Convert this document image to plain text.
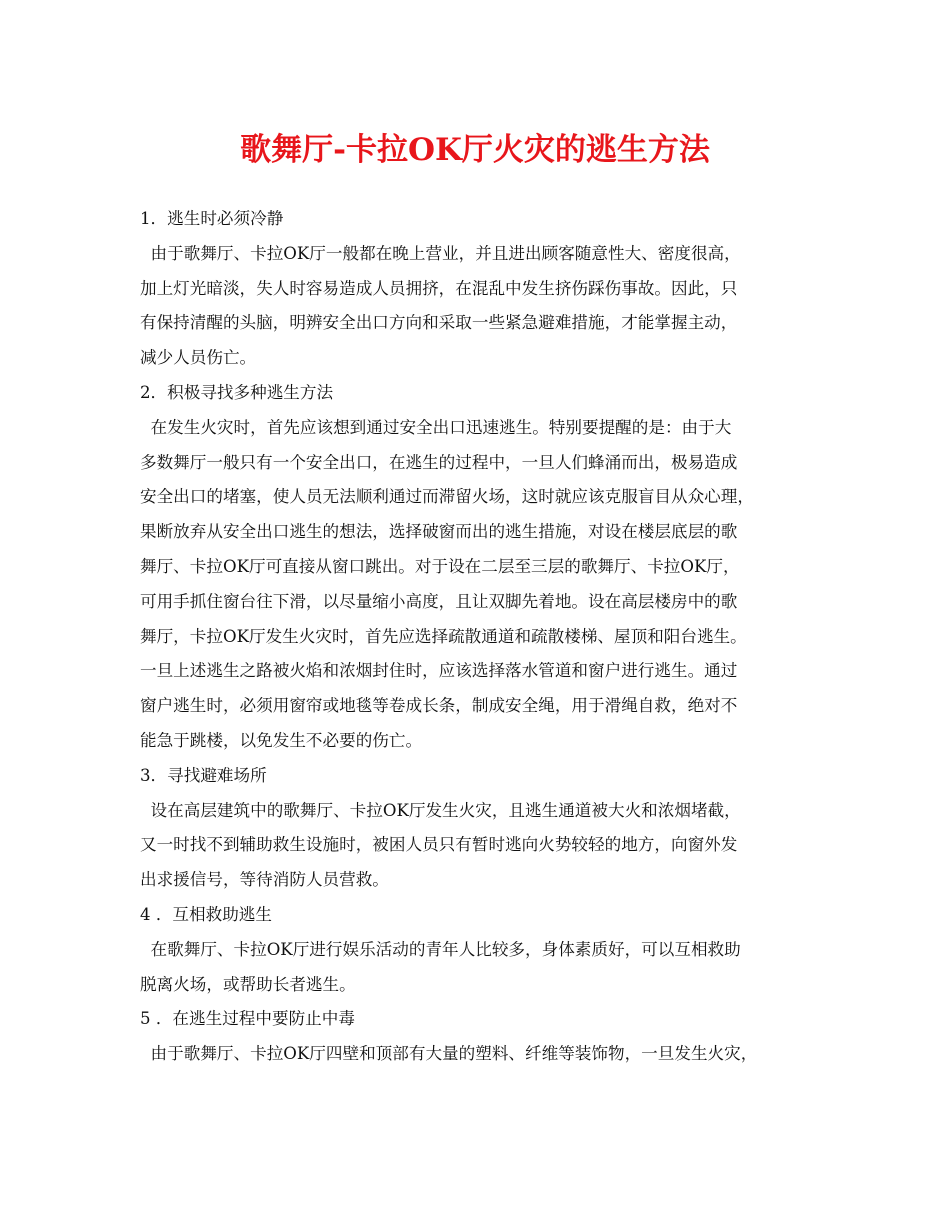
歌舞厅-卡拉OK厅火灾的逃生方法
1．逃生时必须冷静
由于歌舞厅、卡拉OK厅一般都在晚上营业，并且进出顾客随意性大、密度很高，
加上灯光暗淡，失人时容易造成人员拥挤，在混乱中发生挤伤踩伤事故。因此，只
有保持清醒的头脑，明辨安全出口方向和采取一些紧急避难措施，才能掌握主动，
减少人员伤亡。
2．积极寻找多种逃生方法
在发生火灾时，首先应该想到通过安全出口迅速逃生。特别要提醒的是：由于大
多数舞厅一般只有一个安全出口，在逃生的过程中，一旦人们蜂涌而出，极易造成
安全出口的堵塞，使人员无法顺利通过而滞留火场，这时就应该克服盲目从众心理，
果断放弃从安全出口逃生的想法，选择破窗而出的逃生措施，对设在楼层底层的歌
舞厅、卡拉OK厅可直接从窗口跳出。对于设在二层至三层的歌舞厅、卡拉OK厅，
可用手抓住窗台往下滑，以尽量缩小高度，且让双脚先着地。设在高层楼房中的歌
舞厅，卡拉OK厅发生火灾时，首先应选择疏散通道和疏散楼梯、屋顶和阳台逃生。
一旦上述逃生之路被火焰和浓烟封住时，应该选择落水管道和窗户进行逃生。通过
窗户逃生时，必须用窗帘或地毯等卷成长条，制成安全绳，用于滑绳自救，绝对不
能急于跳楼，以免发生不必要的伤亡。
3．寻找避难场所
设在高层建筑中的歌舞厅、卡拉OK厅发生火灾，且逃生通道被大火和浓烟堵截，
又一时找不到辅助救生设施时，被困人员只有暂时逃向火势较轻的地方，向窗外发
出求援信号，等待消防人员营救。
4 ．互相救助逃生
在歌舞厅、卡拉OK厅进行娱乐活动的青年人比较多，身体素质好，可以互相救助
脱离火场，或帮助长者逃生。
5 ．在逃生过程中要防止中毒
由于歌舞厅、卡拉OK厅四壁和顶部有大量的塑料、纤维等装饰物，一旦发生火灾，
